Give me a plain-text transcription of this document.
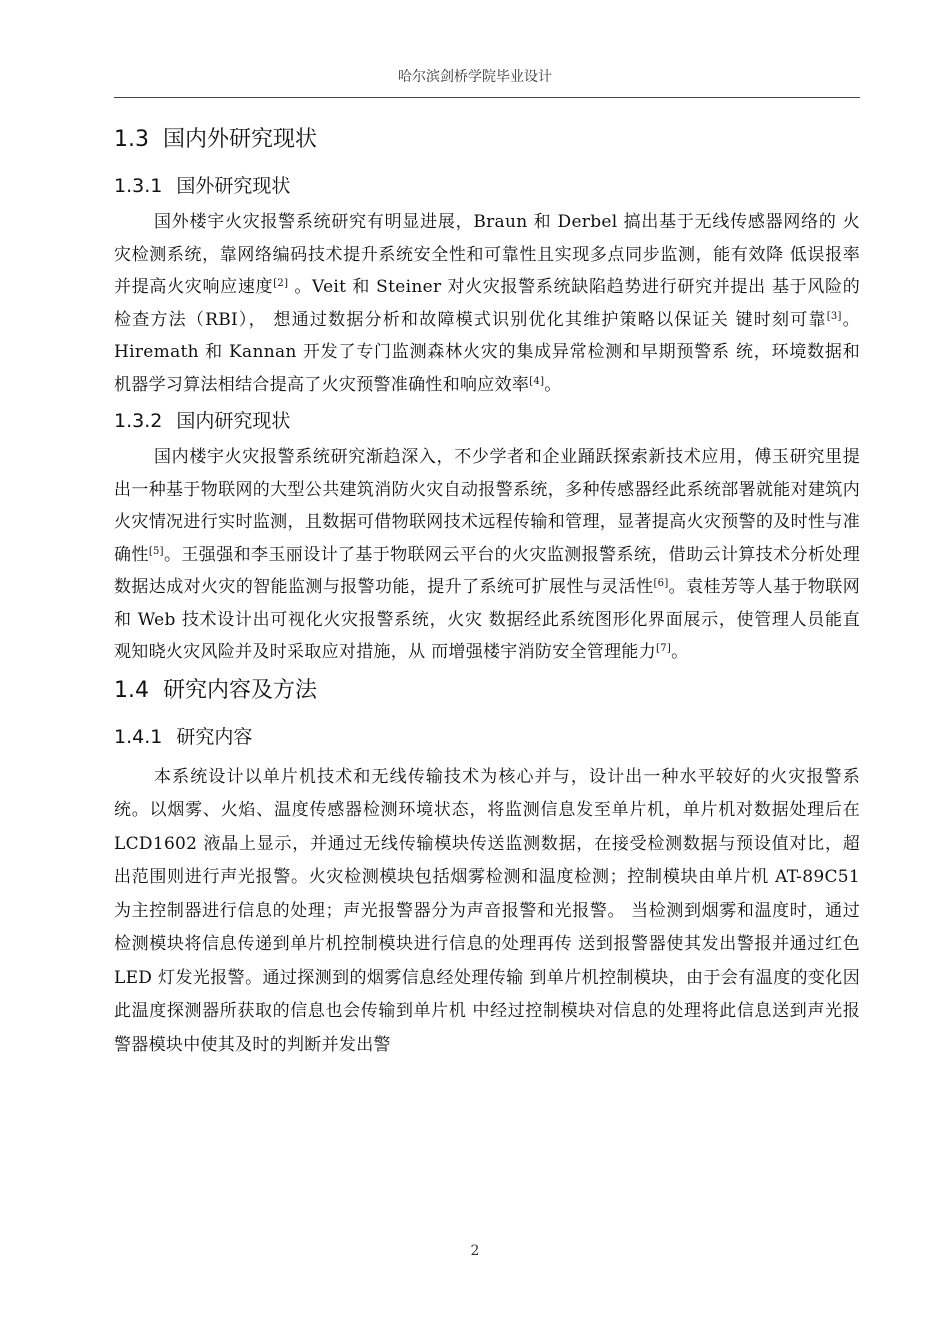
哈尔滨剑桥学院毕业设计
1.3 国内外研究现状
1.3.1 国外研究现状

国外楼宇火灾报警系统研究有明显进展，Braun 和 Derbel 搞出基于无线传感器网络的 火灾检测系统，靠网络编码技术提升系统安全性和可靠性且实现多点同步监测，能有效降 低误报率并提高火灾响应速度[2] 。Veit 和 Steiner 对火灾报警系统缺陷趋势进行研究并提出 基于风险的检查方法（RBI）， 想通过数据分析和故障模式识别优化其维护策略以保证关 键时刻可靠[3]。Hiremath 和 Kannan 开发了专门监测森林火灾的集成异常检测和早期预警系 统，环境数据和机器学习算法相结合提高了火灾预警准确性和响应效率[4]。

1.3.2 国内研究现状

国内楼宇火灾报警系统研究渐趋深入，不少学者和企业踊跃探索新技术应用，傅玉研究里提出一种基于物联网的大型公共建筑消防火灾自动报警系统，多种传感器经此系统部署就能对建筑内火灾情况进行实时监测，且数据可借物联网技术远程传输和管理，显著提高火灾预警的及时性与准确性[5]。王强强和李玉丽设计了基于物联网云平台的火灾监测报警系统，借助云计算技术分析处理数据达成对火灾的智能监测与报警功能，提升了系统可扩展性与灵活性[6]。袁桂芳等人基于物联网和 Web 技术设计出可视化火灾报警系统，火灾 数据经此系统图形化界面展示，使管理人员能直观知晓火灾风险并及时采取应对措施，从 而增强楼宇消防安全管理能力[7]。

1.4 研究内容及方法
1.4.1 研究内容

本系统设计以单片机技术和无线传输技术为核心并与，设计出一种水平较好的火灾报警系统。以烟雾、火焰、温度传感器检测环境状态，将监测信息发至单片机，单片机对数据处理后在 LCD1602 液晶上显示，并通过无线传输模块传送监测数据，在接受检测数据与预设值对比，超出范围则进行声光报警。火灾检测模块包括烟雾检测和温度检测；控制模块由单片机 AT-89C51 为主控制器进行信息的处理；声光报警器分为声音报警和光报警。 当检测到烟雾和温度时，通过检测模块将信息传递到单片机控制模块进行信息的处理再传 送到报警器使其发出警报并通过红色 LED 灯发光报警。通过探测到的烟雾信息经处理传输 到单片机控制模块，由于会有温度的变化因此温度探测器所获取的信息也会传输到单片机 中经过控制模块对信息的处理将此信息送到声光报警器模块中使其及时的判断并发出警

2
